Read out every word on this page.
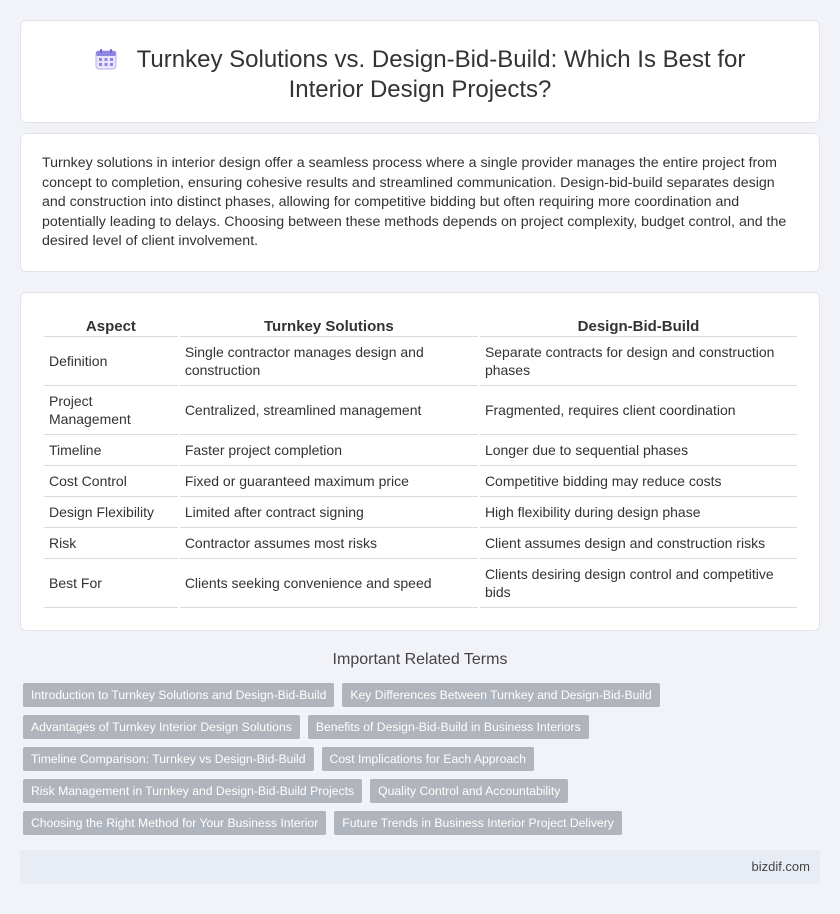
Turnkey Solutions vs. Design-Bid-Build: Which Is Best for Interior Design Projects?

Turnkey solutions in interior design offer a seamless process where a single provider manages the entire project from concept to completion, ensuring cohesive results and streamlined communication. Design-bid-build separates design and construction into distinct phases, allowing for competitive bidding but often requiring more coordination and potentially leading to delays. Choosing between these methods depends on project complexity, budget control, and the desired level of client involvement.

Aspect	Turnkey Solutions	Design-Bid-Build
Definition	Single contractor manages design and construction	Separate contracts for design and construction phases
Project Management	Centralized, streamlined management	Fragmented, requires client coordination
Timeline	Faster project completion	Longer due to sequential phases
Cost Control	Fixed or guaranteed maximum price	Competitive bidding may reduce costs
Design Flexibility	Limited after contract signing	High flexibility during design phase
Risk	Contractor assumes most risks	Client assumes design and construction risks
Best For	Clients seeking convenience and speed	Clients desiring design control and competitive bids
Important Related Terms
Introduction to Turnkey Solutions and Design-Bid-Build	Key Differences Between Turnkey and Design-Bid-Build
Advantages of Turnkey Interior Design Solutions	Benefits of Design-Bid-Build in Business Interiors
Timeline Comparison: Turnkey vs Design-Bid-Build	Cost Implications for Each Approach
Risk Management in Turnkey and Design-Bid-Build Projects	Quality Control and Accountability
Choosing the Right Method for Your Business Interior	Future Trends in Business Interior Project Delivery
bizdif.com
